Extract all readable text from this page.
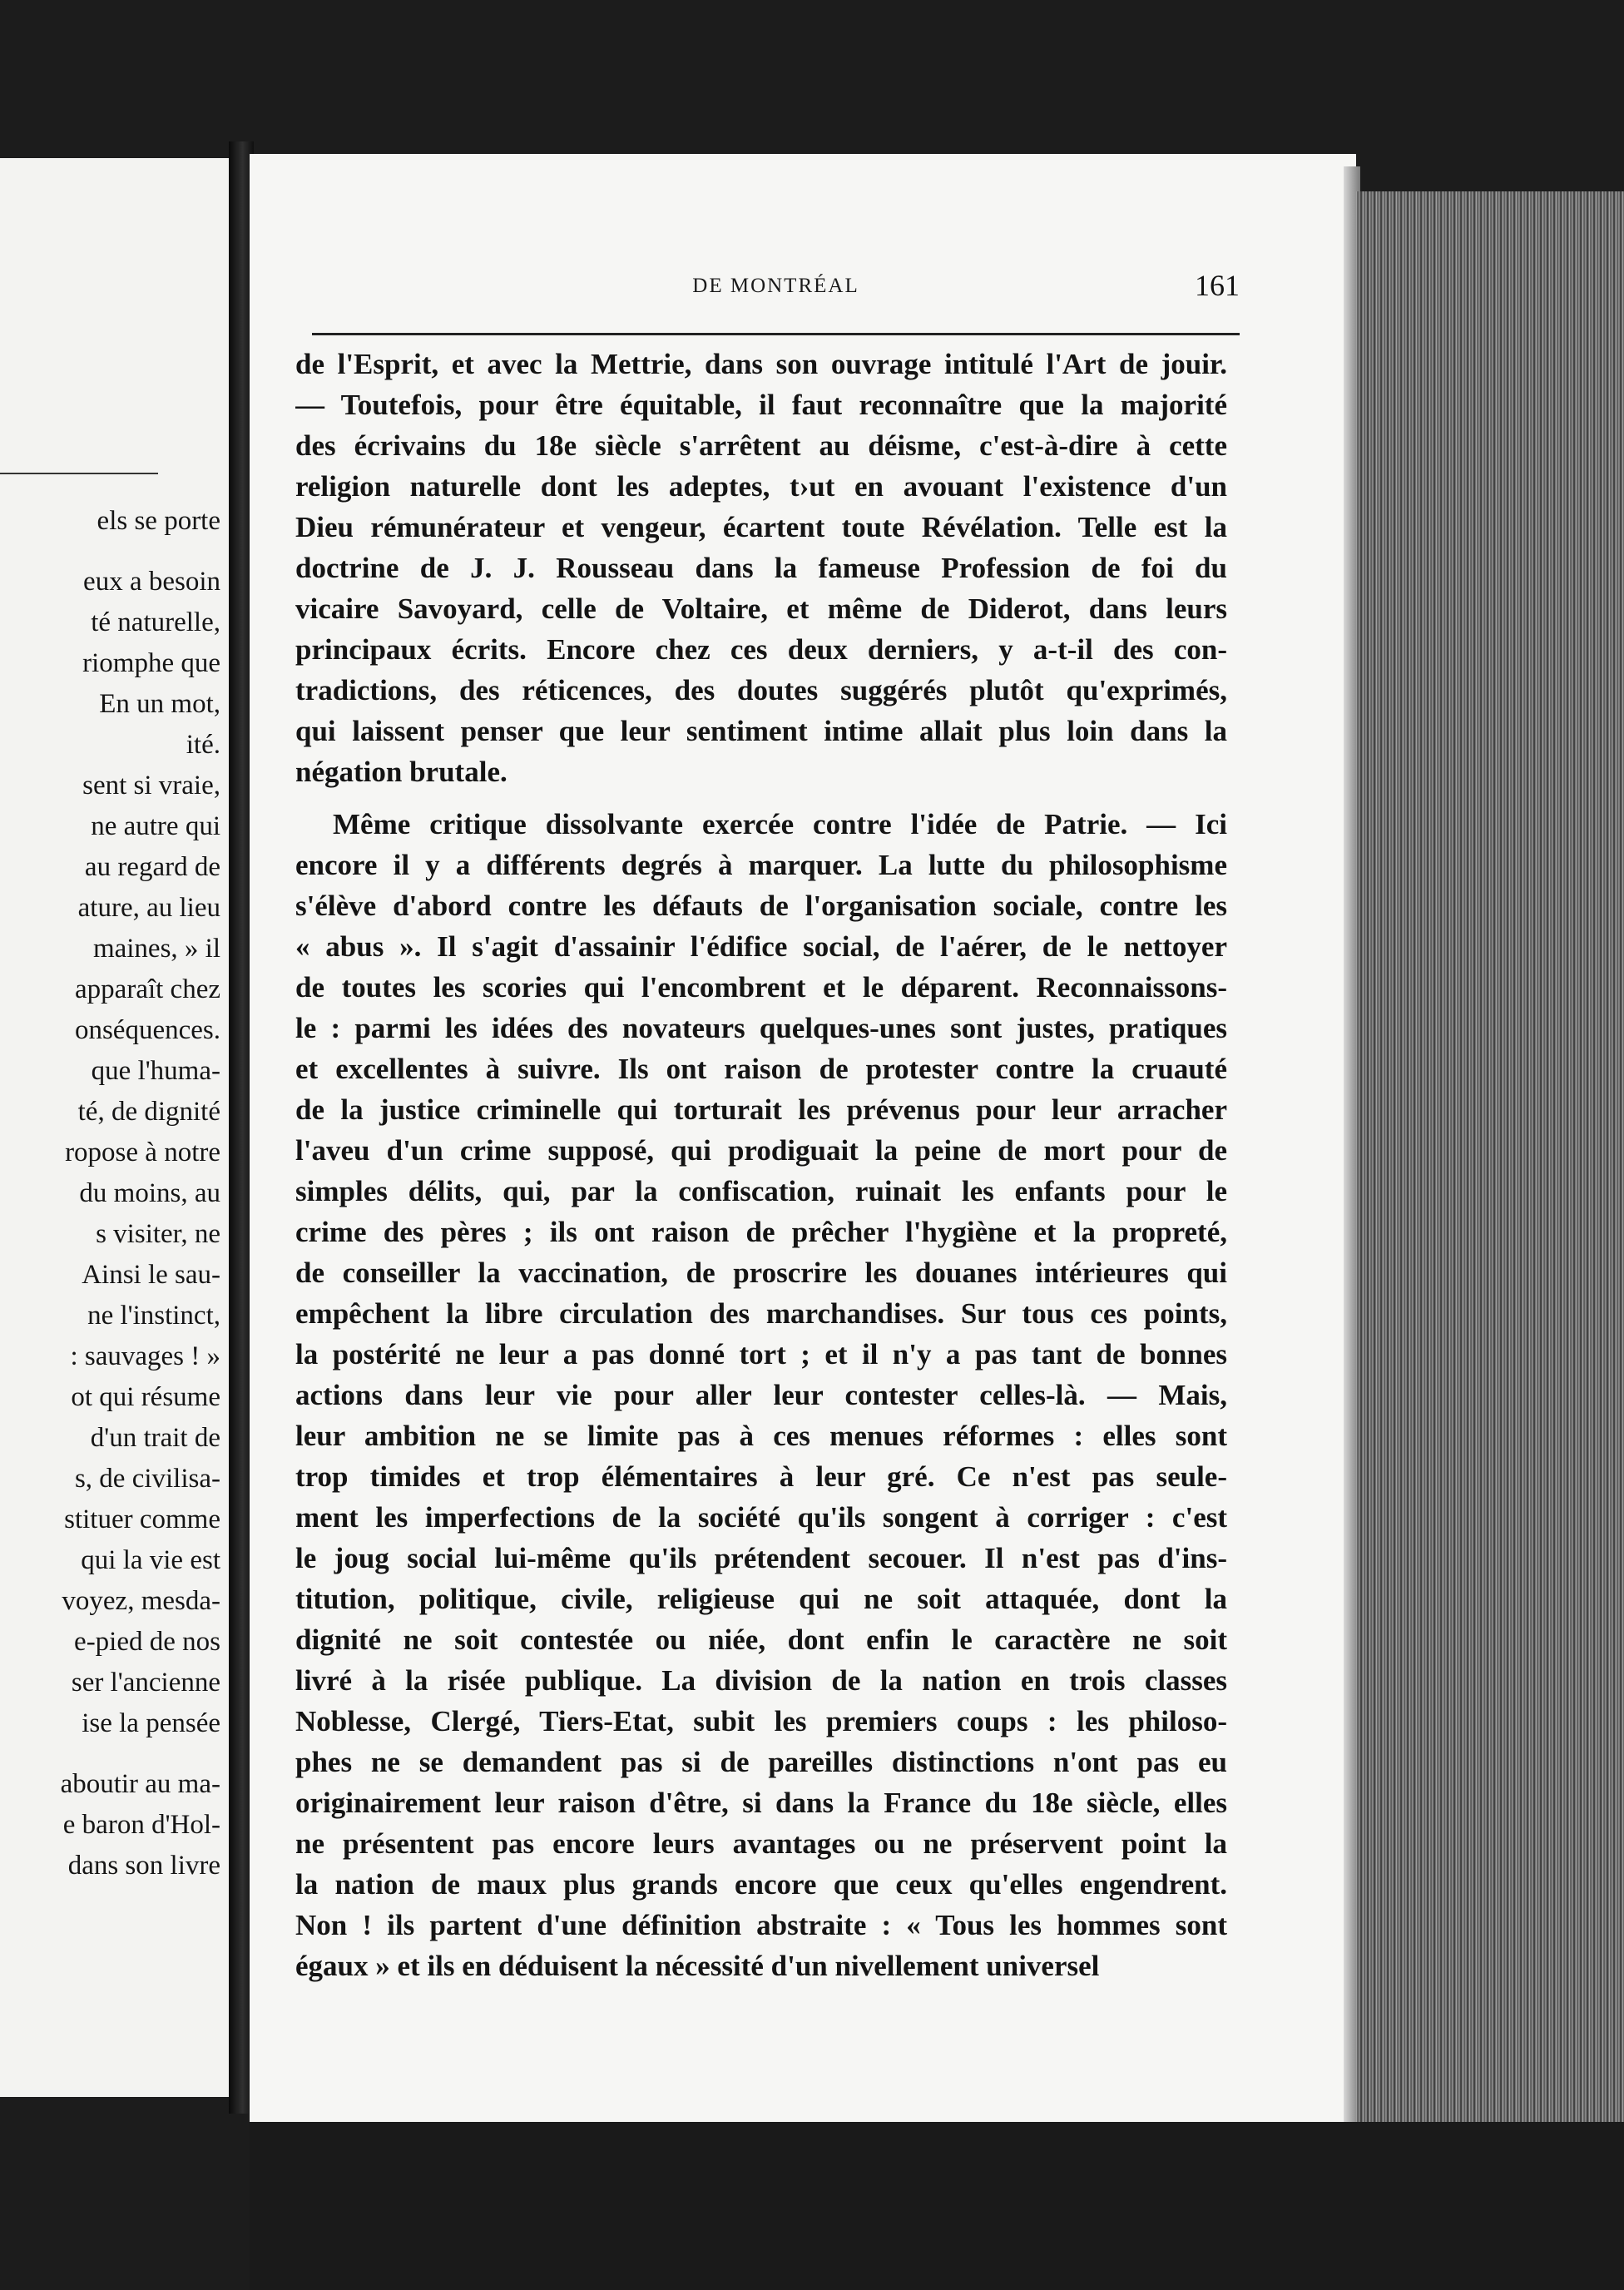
els se porte
eux a besoin
té naturelle,
riomphe que
En un mot,
ité.
sent si vraie,
ne autre qui
au regard de
ature, au lieu
maines, » il
apparaît chez
onséquences.
que l'huma-
té, de dignité
ropose à notre
du moins, au
s visiter, ne
Ainsi le sau-
ne l'instinct,
: sauvages ! »
ot qui résume
d'un trait de
s, de civilisa-
stituer comme
qui la vie est
voyez, mesda-
e-pied de nos
ser l'ancienne
ise la pensée
aboutir au ma-
e baron d'Hol-
dans son livre
DE MONTRÉAL	161
de l'Esprit, et avec la Mettrie, dans son ouvrage intitulé l'Art de jouir.
— Toutefois, pour être équitable, il faut reconnaître que la majorité
des écrivains du 18e siècle s'arrêtent au déisme, c'est-à-dire à cette
religion naturelle dont les adeptes, t›ut en avouant l'existence d'un
Dieu rémunérateur et vengeur, écartent toute Révélation. Telle est la
doctrine de J. J. Rousseau dans la fameuse Profession de foi du
vicaire Savoyard, celle de Voltaire, et même de Diderot, dans leurs
principaux écrits. Encore chez ces deux derniers, y a-t-il des con-
tradictions, des réticences, des doutes suggérés plutôt qu'exprimés,
qui laissent penser que leur sentiment intime allait plus loin dans la
négation brutale.
Même critique dissolvante exercée contre l'idée de Patrie. — Ici
encore il y a différents degrés à marquer. La lutte du philosophisme
s'élève d'abord contre les défauts de l'organisation sociale, contre les
« abus ». Il s'agit d'assainir l'édifice social, de l'aérer, de le nettoyer
de toutes les scories qui l'encombrent et le déparent. Reconnaissons-
le : parmi les idées des novateurs quelques-unes sont justes, pratiques
et excellentes à suivre. Ils ont raison de protester contre la cruauté
de la justice criminelle qui torturait les prévenus pour leur arracher
l'aveu d'un crime supposé, qui prodiguait la peine de mort pour de
simples délits, qui, par la confiscation, ruinait les enfants pour le
crime des pères ; ils ont raison de prêcher l'hygiène et la propreté,
de conseiller la vaccination, de proscrire les douanes intérieures qui
empêchent la libre circulation des marchandises. Sur tous ces points,
la postérité ne leur a pas donné tort ; et il n'y a pas tant de bonnes
actions dans leur vie pour aller leur contester celles-là. — Mais,
leur ambition ne se limite pas à ces menues réformes : elles sont
trop timides et trop élémentaires à leur gré. Ce n'est pas seule-
ment les imperfections de la société qu'ils songent à corriger : c'est
le joug social lui-même qu'ils prétendent secouer. Il n'est pas d'ins-
titution, politique, civile, religieuse qui ne soit attaquée, dont la
dignité ne soit contestée ou niée, dont enfin le caractère ne soit
livré à la risée publique. La division de la nation en trois classes
Noblesse, Clergé, Tiers-Etat, subit les premiers coups : les philoso-
phes ne se demandent pas si de pareilles distinctions n'ont pas eu
originairement leur raison d'être, si dans la France du 18e siècle, elles
ne présentent pas encore leurs avantages ou ne préservent point la
la nation de maux plus grands encore que ceux qu'elles engendrent.
Non ! ils partent d'une définition abstraite : « Tous les hommes sont
égaux » et ils en déduisent la nécessité d'un nivellement universel
